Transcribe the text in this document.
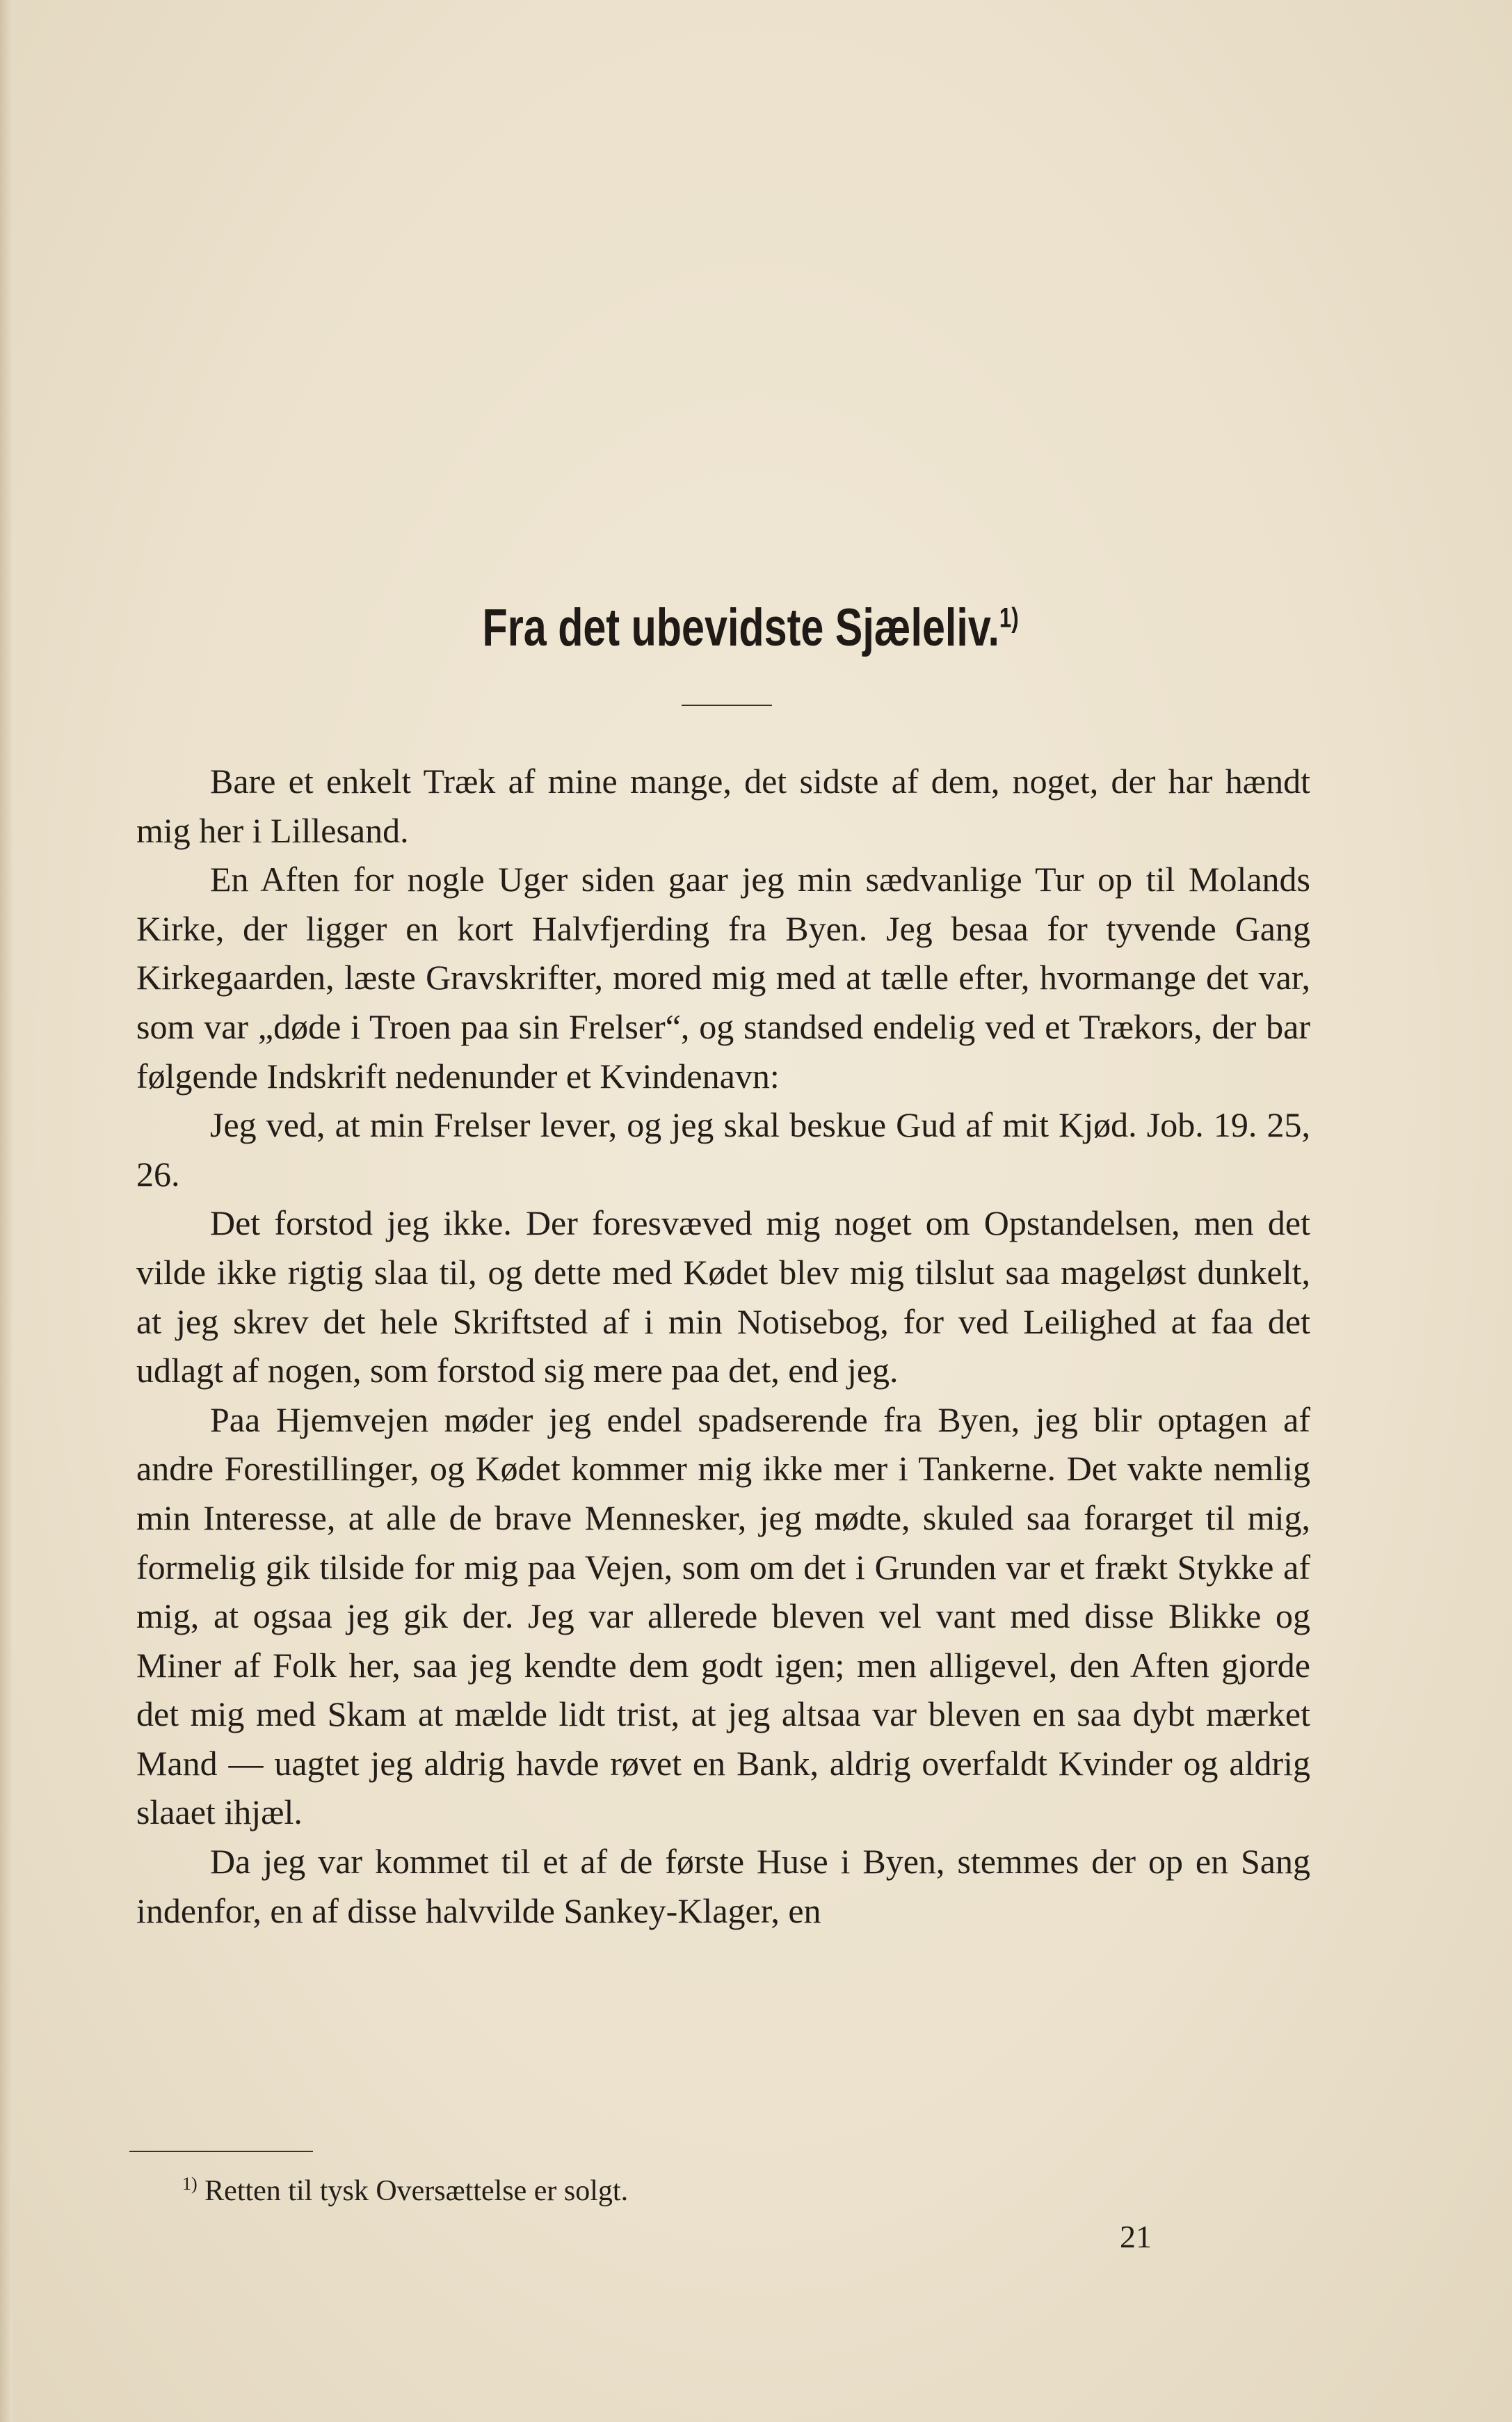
Fra det ubevidste Sjæleliv.$^{1)}$

Bare et enkelt Træk af mine mange, det sidste af dem, noget, der har hændt mig her i Lillesand.

En Aften for nogle Uger siden gaar jeg min sædvanlige Tur op til Molands Kirke, der ligger en kort Halvfjerding fra Byen. Jeg besaa for tyvende Gang Kirkegaarden, læste Gravskrifter, mored mig med at tælle efter, hvormange det var, som var „døde i Troen paa sin Frelser“, og standsed endelig ved et Trækors, der bar følgende Indskrift nedenunder et Kvindenavn:

Jeg ved, at min Frelser lever, og jeg skal beskue Gud af mit Kjød. Job. 19. 25, 26.

Det forstod jeg ikke. Der foresvæved mig noget om Opstandelsen, men det vilde ikke rigtig slaa til, og dette med Kødet blev mig tilslut saa mageløst dunkelt, at jeg skrev det hele Skriftsted af i min Notisebog, for ved Leilighed at faa det udlagt af nogen, som forstod sig mere paa det, end jeg.

Paa Hjemvejen møder jeg endel spadserende fra Byen, jeg blir optagen af andre Forestillinger, og Kødet kommer mig ikke mer i Tankerne. Det vakte nemlig min Interesse, at alle de brave Mennesker, jeg mødte, skuled saa forarget til mig, formelig gik tilside for mig paa Vejen, som om det i Grunden var et frækt Stykke af mig, at ogsaa jeg gik der. Jeg var allerede bleven vel vant med disse Blikke og Miner af Folk her, saa jeg kendte dem godt igen; men alligevel, den Aften gjorde det mig med Skam at mælde lidt trist, at jeg altsaa var bleven en saa dybt mærket Mand — uagtet jeg aldrig havde røvet en Bank, aldrig overfaldt Kvinder og aldrig slaaet ihjæl.

Da jeg var kommet til et af de første Huse i Byen, stemmes der op en Sang indenfor, en af disse halvvilde Sankey-Klager, en

$^{1)}$ Retten til tysk Oversættelse er solgt.
21
